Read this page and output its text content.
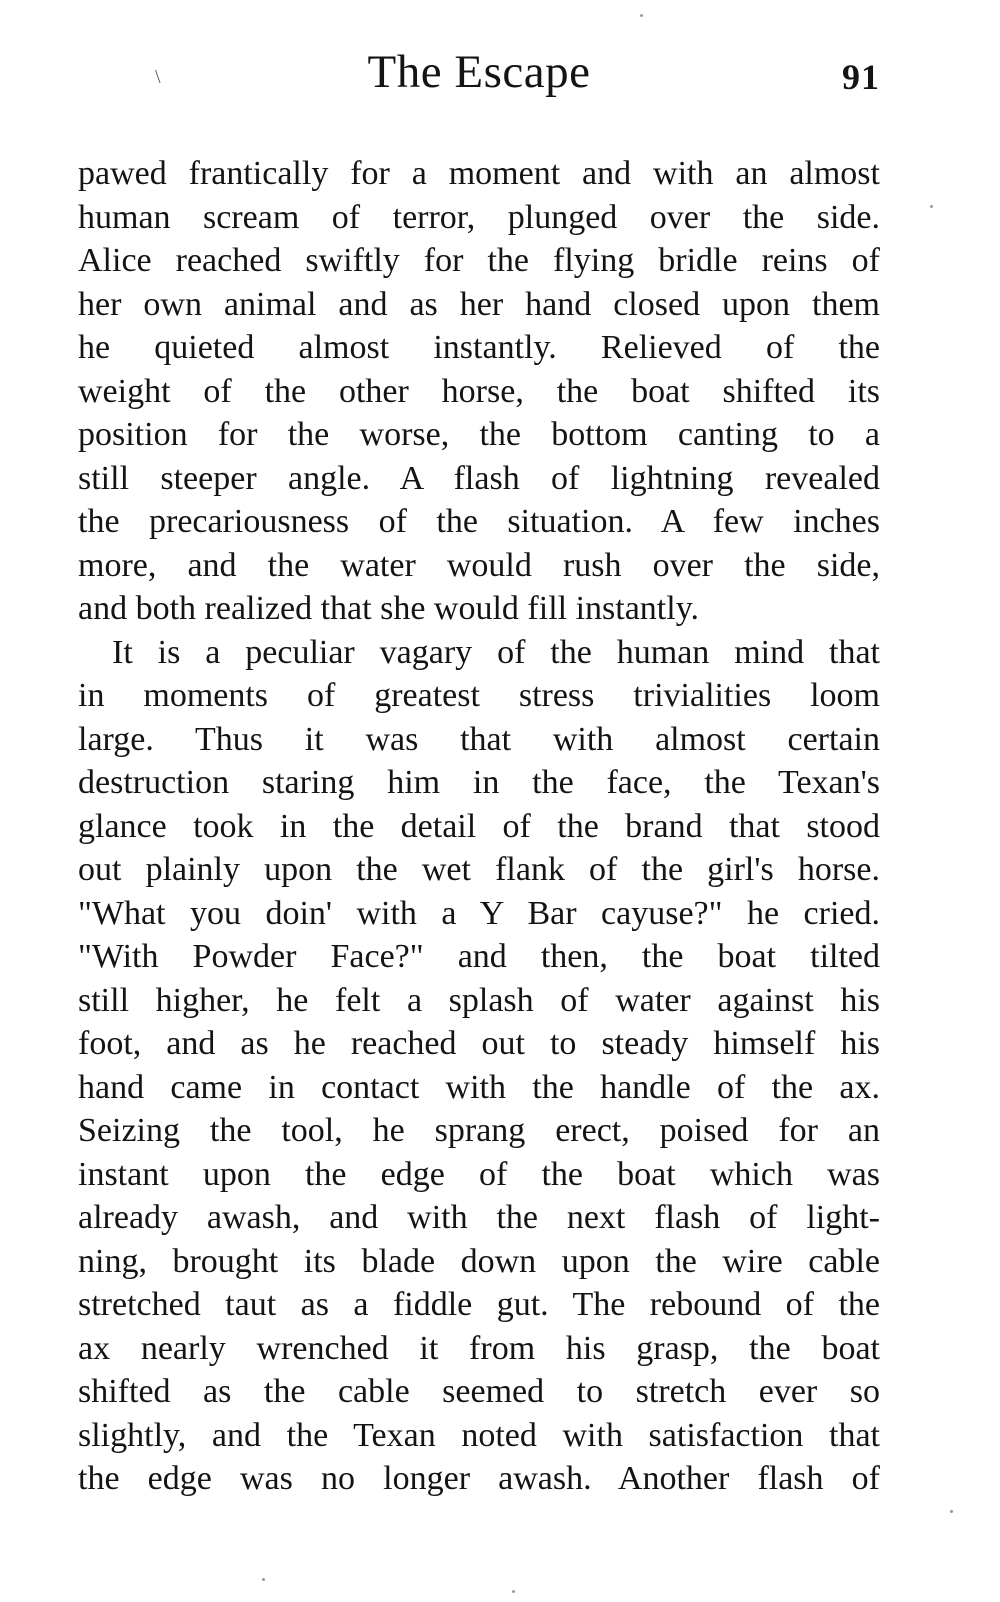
\	The Escape	91
pawed frantically for a moment and with an almost
human scream of terror, plunged over the side.
Alice reached swiftly for the flying bridle reins of
her own animal and as her hand closed upon them
he quieted almost instantly. Relieved of the
weight of the other horse, the boat shifted its
position for the worse, the bottom canting to a
still steeper angle. A flash of lightning revealed
the precariousness of the situation. A few inches
more, and the water would rush over the side,
and both realized that she would fill instantly.
It is a peculiar vagary of the human mind that
in moments of greatest stress trivialities loom
large. Thus it was that with almost certain
destruction staring him in the face, the Texan's
glance took in the detail of the brand that stood
out plainly upon the wet flank of the girl's horse.
"What you doin' with a Y Bar cayuse?" he cried.
"With Powder Face?" and then, the boat tilted
still higher, he felt a splash of water against his
foot, and as he reached out to steady himself his
hand came in contact with the handle of the ax.
Seizing the tool, he sprang erect, poised for an
instant upon the edge of the boat which was
already awash, and with the next flash of light-
ning, brought its blade down upon the wire cable
stretched taut as a fiddle gut. The rebound of the
ax nearly wrenched it from his grasp, the boat
shifted as the cable seemed to stretch ever so
slightly, and the Texan noted with satisfaction that
the edge was no longer awash. Another flash of
